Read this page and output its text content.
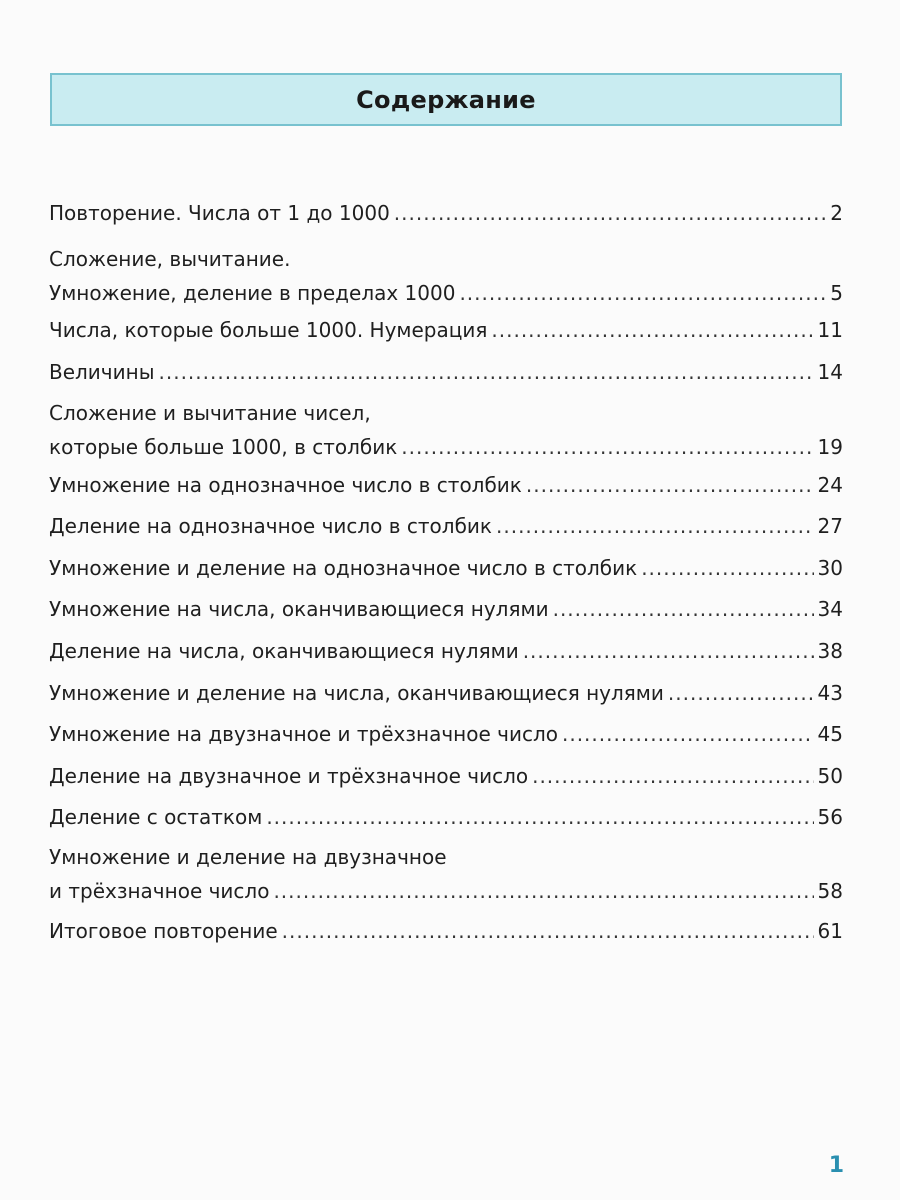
Содержание
Повторение. Числа от 1 до 1000 .....	2
Сложение, вычитание.
Умножение, деление в пределах 1000 .....	5
Числа, которые больше 1000. Нумерация .....	11
Величины .....	14
Сложение и вычитание чисел,
которые больше 1000, в столбик .....	19
Умножение на однозначное число в столбик .....	24
Деление на однозначное число в столбик .....	27
Умножение и деление на однозначное число в столбик .....	30
Умножение на числа, оканчивающиеся нулями .....	34
Деление на числа, оканчивающиеся нулями .....	38
Умножение и деление на числа, оканчивающиеся нулями .....	43
Умножение на двузначное и трёхзначное число .....	45
Деление на двузначное и трёхзначное число .....	50
Деление с остатком .....	56
Умножение и деление на двузначное
и трёхзначное число .....	58
Итоговое повторение .....	61
1
